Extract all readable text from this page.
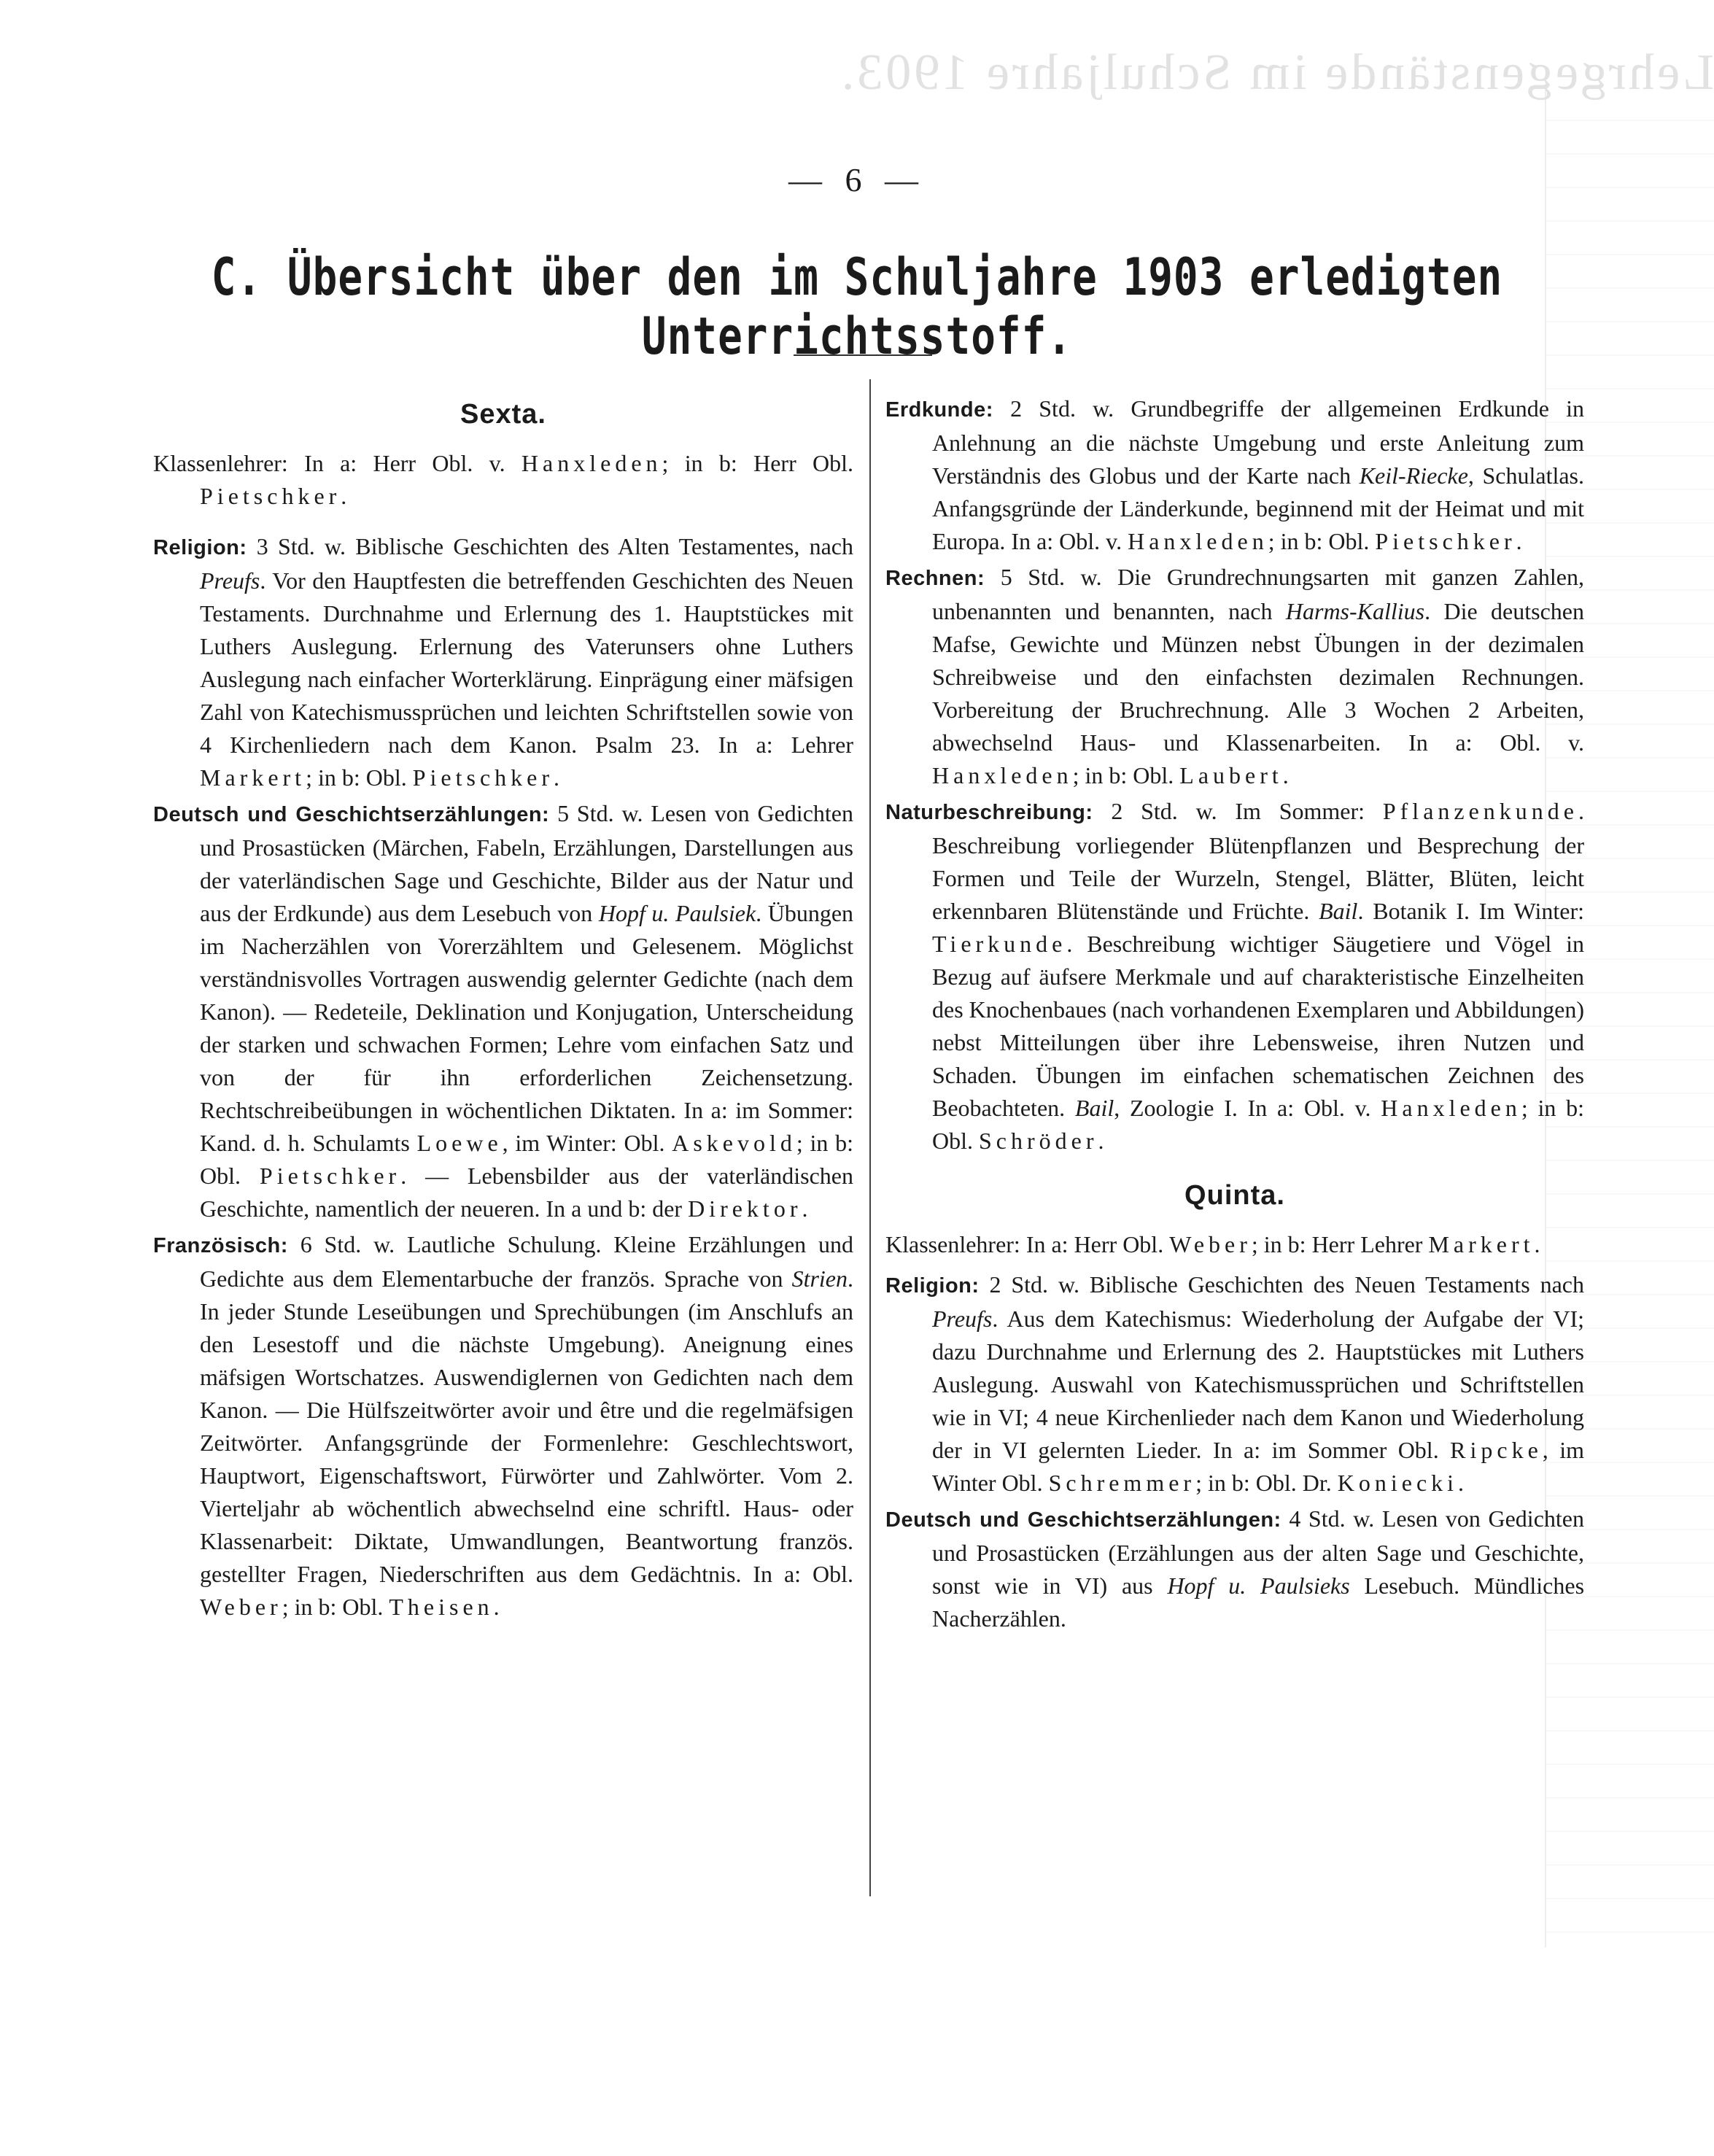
Lehrgegenstände im Schuljahre 1903.
— 6 —
C. Übersicht über den im Schuljahre 1903 erledigten Unterrichtsstoff.
Sexta.

Klassenlehrer: In a: Herr Obl. v. Hanxleden; in b: Herr Obl. Pietschker.

Religion: 3 Std. w. Biblische Geschichten des Alten Testamentes, nach Preufs. Vor den Hauptfesten die betreffenden Geschichten des Neuen Testaments. Durchnahme und Erlernung des 1. Hauptstückes mit Luthers Auslegung. Erlernung des Vaterunsers ohne Luthers Auslegung nach einfacher Worterklärung. Einprägung einer mäfsigen Zahl von Katechismussprüchen und leichten Schriftstellen sowie von 4 Kirchenliedern nach dem Kanon. Psalm 23. In a: Lehrer Markert; in b: Obl. Pietschker.

Deutsch und Geschichtserzählungen: 5 Std. w. Lesen von Gedichten und Prosastücken (Märchen, Fabeln, Erzählungen, Darstellungen aus der vaterländischen Sage und Geschichte, Bilder aus der Natur und aus der Erdkunde) aus dem Lesebuch von Hopf u. Paulsiek. Übungen im Nacherzählen von Vorerzähltem und Gelesenem. Möglichst verständnisvolles Vortragen auswendig gelernter Gedichte (nach dem Kanon). — Redeteile, Deklination und Konjugation, Unterscheidung der starken und schwachen Formen; Lehre vom einfachen Satz und von der für ihn erforderlichen Zeichensetzung. Rechtschreibeübungen in wöchentlichen Diktaten. In a: im Sommer: Kand. d. h. Schulamts Loewe, im Winter: Obl. Askevold; in b: Obl. Pietschker. — Lebensbilder aus der vaterländischen Geschichte, namentlich der neueren. In a und b: der Direktor.

Französisch: 6 Std. w. Lautliche Schulung. Kleine Erzählungen und Gedichte aus dem Elementarbuche der französ. Sprache von Strien. In jeder Stunde Leseübungen und Sprechübungen (im Anschlufs an den Lesestoff und die nächste Umgebung). Aneignung eines mäfsigen Wortschatzes. Auswendiglernen von Gedichten nach dem Kanon. — Die Hülfszeitwörter avoir und être und die regelmäfsigen Zeitwörter. Anfangsgründe der Formenlehre: Geschlechtswort, Hauptwort, Eigenschaftswort, Fürwörter und Zahlwörter. Vom 2. Vierteljahr ab wöchentlich abwechselnd eine schriftl. Haus- oder Klassenarbeit: Diktate, Umwandlungen, Beantwortung französ. gestellter Fragen, Niederschriften aus dem Gedächtnis. In a: Obl. Weber; in b: Obl. Theisen.

Erdkunde: 2 Std. w. Grundbegriffe der allgemeinen Erdkunde in Anlehnung an die nächste Umgebung und erste Anleitung zum Verständnis des Globus und der Karte nach Keil-Riecke, Schulatlas. Anfangsgründe der Länderkunde, beginnend mit der Heimat und mit Europa. In a: Obl. v. Hanxleden; in b: Obl. Pietschker.

Rechnen: 5 Std. w. Die Grundrechnungsarten mit ganzen Zahlen, unbenannten und benannten, nach Harms-Kallius. Die deutschen Mafse, Gewichte und Münzen nebst Übungen in der dezimalen Schreibweise und den einfachsten dezimalen Rechnungen. Vorbereitung der Bruchrechnung. Alle 3 Wochen 2 Arbeiten, abwechselnd Haus- und Klassenarbeiten. In a: Obl. v. Hanxleden; in b: Obl. Laubert.

Naturbeschreibung: 2 Std. w. Im Sommer: Pflanzenkunde. Beschreibung vorliegender Blütenpflanzen und Besprechung der Formen und Teile der Wurzeln, Stengel, Blätter, Blüten, leicht erkennbaren Blütenstände und Früchte. Bail. Botanik I. Im Winter: Tierkunde. Beschreibung wichtiger Säugetiere und Vögel in Bezug auf äufsere Merkmale und auf charakteristische Einzelheiten des Knochenbaues (nach vorhandenen Exemplaren und Abbildungen) nebst Mitteilungen über ihre Lebensweise, ihren Nutzen und Schaden. Übungen im einfachen schematischen Zeichnen des Beobachteten. Bail, Zoologie I. In a: Obl. v. Hanxleden; in b: Obl. Schröder.

Quinta.

Klassenlehrer: In a: Herr Obl. Weber; in b: Herr Lehrer Markert.

Religion: 2 Std. w. Biblische Geschichten des Neuen Testaments nach Preufs. Aus dem Katechismus: Wiederholung der Aufgabe der VI; dazu Durchnahme und Erlernung des 2. Hauptstückes mit Luthers Auslegung. Auswahl von Katechismussprüchen und Schriftstellen wie in VI; 4 neue Kirchenlieder nach dem Kanon und Wiederholung der in VI gelernten Lieder. In a: im Sommer Obl. Ripcke, im Winter Obl. Schremmer; in b: Obl. Dr. Koniecki.

Deutsch und Geschichtserzählungen: 4 Std. w. Lesen von Gedichten und Prosastücken (Erzählungen aus der alten Sage und Geschichte, sonst wie in VI) aus Hopf u. Paulsieks Lesebuch. Mündliches Nacherzählen.
